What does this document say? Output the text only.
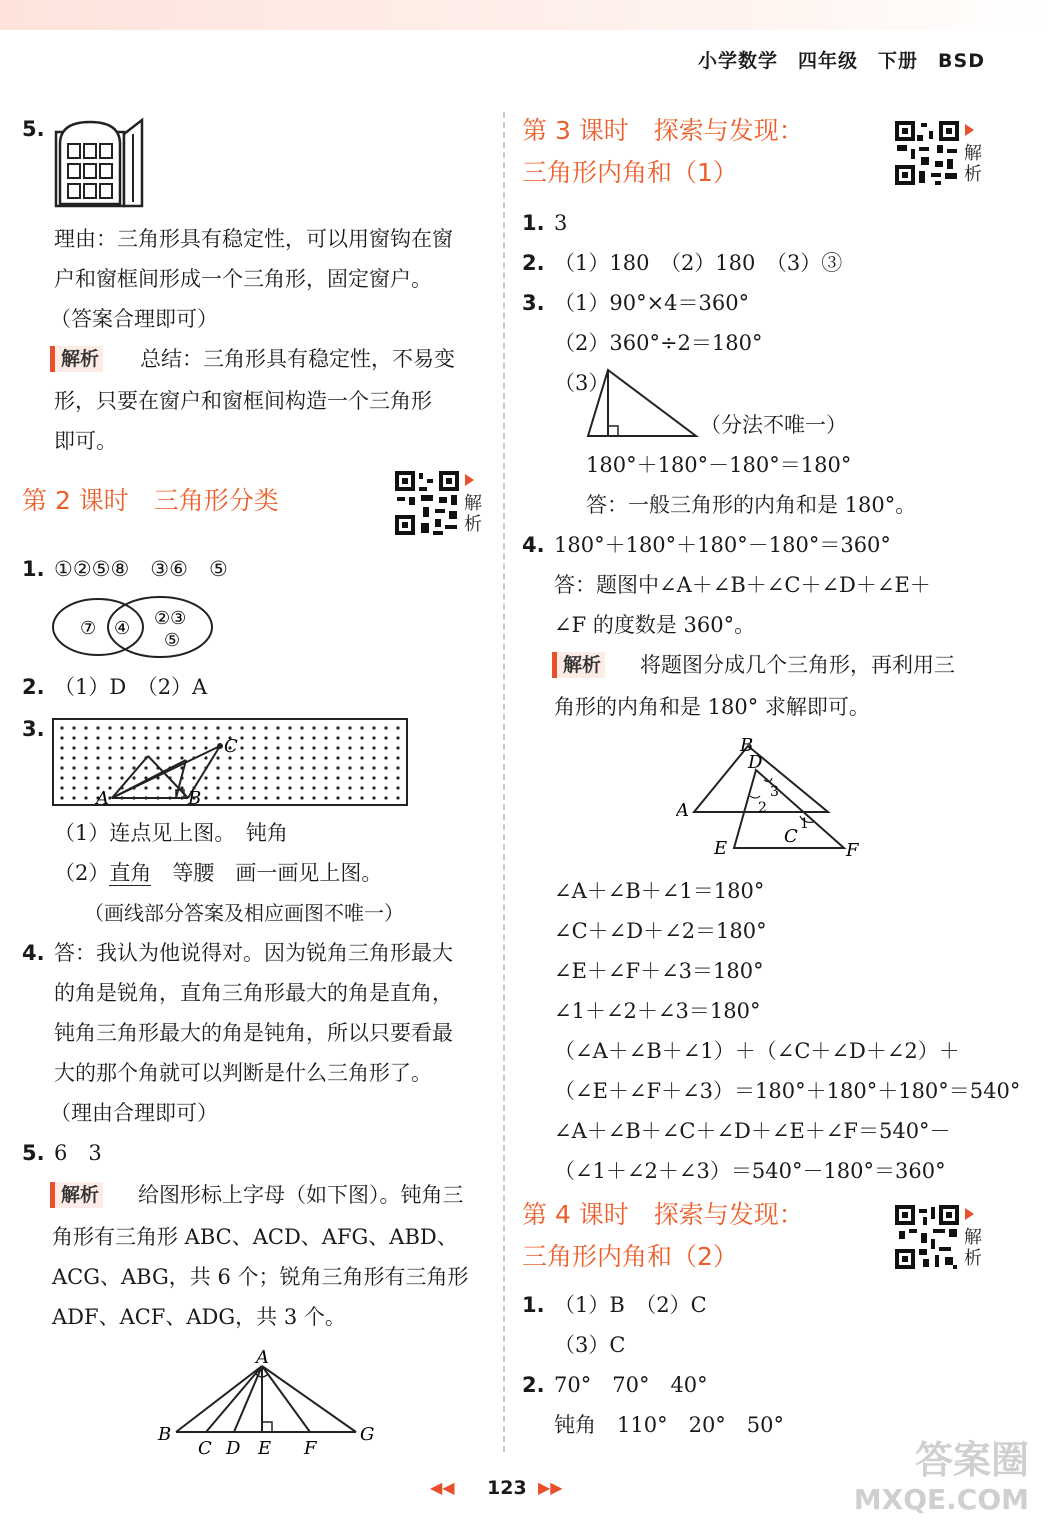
小学数学　四年级　下册　BSD
5.
理由：三角形具有稳定性，可以用窗钩在窗
户和窗框间形成一个三角形，固定窗户。
（答案合理即可）
解析 总结：三角形具有稳定性，不易变
形，只要在窗户和窗框间构造一个三角形
即可。
第 2 课时　三角形分类	解析
1. ①②⑤⑧　③⑥　⑤
⑦ ④ ②③
⑤
2. （1）D　（2）A
3.
A	B
C
（1）连点见上图。　钝角
（2）直角　等腰　画一画见上图。
（画线部分答案及相应画图不唯一）
4. 答：我认为他说得对。因为锐角三角形最大
的角是锐角，直角三角形最大的角是直角，
钝角三角形最大的角是钝角，所以只要看最
大的那个角就可以判断是什么三角形了。
（理由合理即可）
5. 6　3
解析 给图形标上字母（如下图）。钝角三
角形有三角形 ABC、ACD、AFG、ABD、
ACG、ABG，共 6 个；锐角三角形有三角形
ADF、ACF、ADG，共 3 个。
A
B
C D E F
G
第 3 课时　探索与发现：
三角形内角和（1）
解析
1. 3
2. （1）180　（2）180　（3）③
3. （1）90°×4＝360°
（2）360°÷2＝180°
（3）
（分法不唯一）
180°＋180°－180°＝180°
答：一般三角形的内角和是 180°。
4. 180°＋180°＋180°－180°＝360°
答：题图中∠A＋∠B＋∠C＋∠D＋∠E＋
∠F 的度数是 360°。
解析 将题图分成几个三角形，再利用三
角形的内角和是 180° 求解即可。
B
A
D
3
2
1
C
E	F
∠A＋∠B＋∠1＝180°
∠C＋∠D＋∠2＝180°
∠E＋∠F＋∠3＝180°
∠1＋∠2＋∠3＝180°
（∠A＋∠B＋∠1）＋（∠C＋∠D＋∠2）＋
（∠E＋∠F＋∠3）＝180°＋180°＋180°＝540°
∠A＋∠B＋∠C＋∠D＋∠E＋∠F＝540°－
（∠1＋∠2＋∠3）＝540°－180°＝360°
第 4 课时　探索与发现：
三角形内角和（2）
解析
1. （1）B　（2）C
（3）C
2. 70°　70°　40°
钝角　110°　20°　50°
◀◀ 123 ▶▶
答案圈
MXQE.COM
